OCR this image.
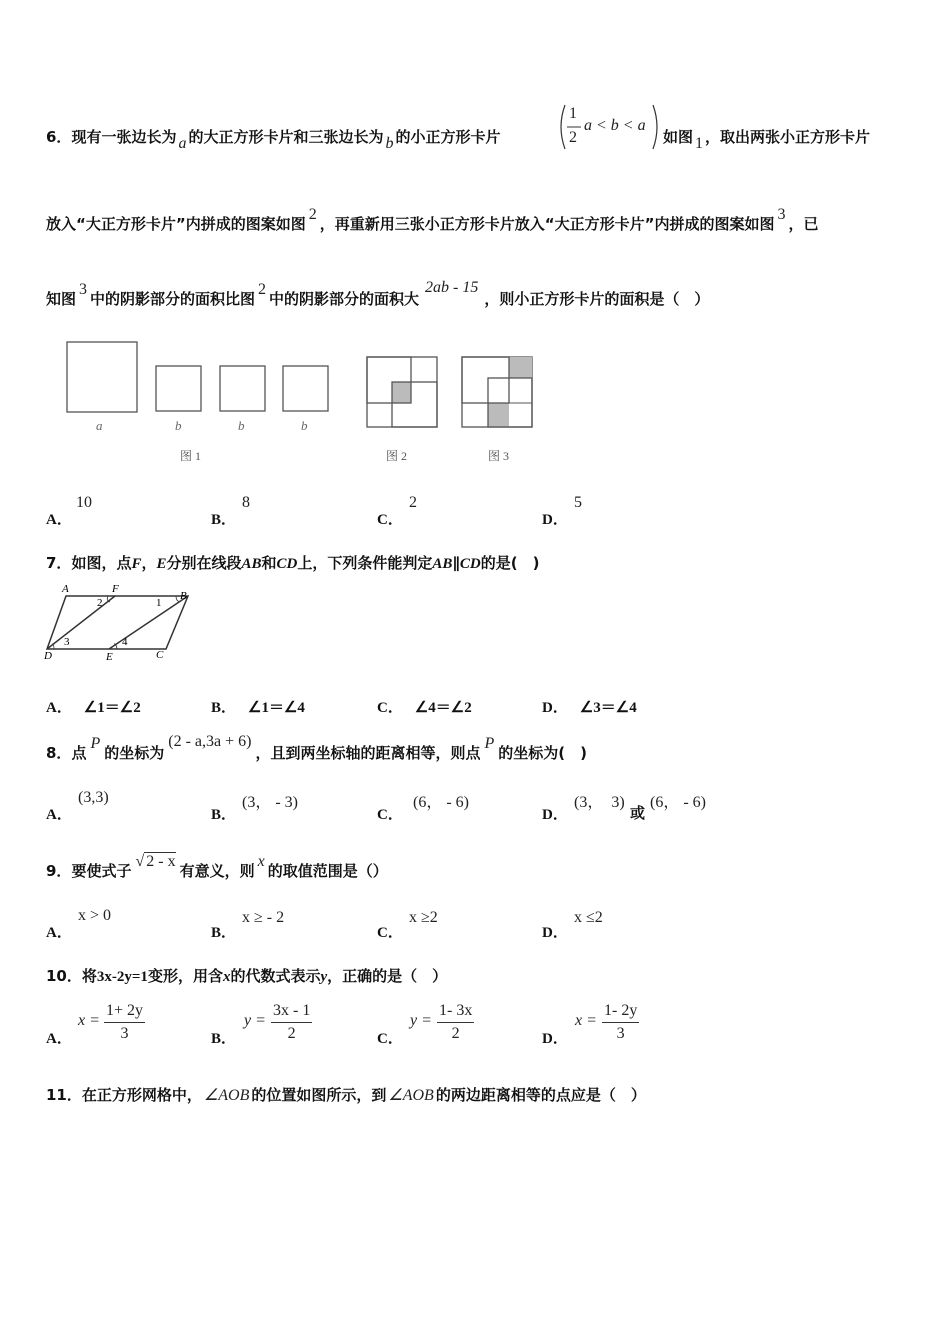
6．现有一张边长为 a 的大正方形卡片和三张边长为 b 的小正方形卡片
1
2
a < b < a
如图 1 ，取出两张小正方形卡片
放入“大正方形卡片”内拼成的图案如图2，再重新用三张小正方形卡片放入“大正方形卡片”内拼成的图案如图3，已
知图3中的阴影部分的面积比图2中的阴影部分的面积大2ab - 15，则小正方形卡片的面积是（　）
a	b	b	b
图 1	图 2	图 3
A．
10
B．
8
C．
2
D．
5
7．如图，点F，E分别在线段AB和CD上，下列条件能判定AB∥CD的是(　)
A	F
B
D	E	C
2	1
3	4
A． ∠1＝∠2	B． ∠1＝∠4	C． ∠4＝∠2	D． ∠3＝∠4
8．点P的坐标为(2 - a,3a + 6)，且到两坐标轴的距离相等，则点P的坐标为(　)
A．
(3,3)
B．
(3， - 3)
C．
(6， - 6)
D．
(3，　3)
或
(6， - 6)
9．要使式子√ 2 - x有意义，则x的取值范围是（）
A．
x > 0
B．
x ≥ - 2
C．
x ≥2
D．
x ≤2
10．将3x-2y=1变形，用含x的代数式表示y，正确的是（　）
A．
$x = \frac{1+ 2y}{3}$	B．
$y = \frac{3x - 1}{2}$	C．
$y = \frac{1- 3x}{2}$	D．
$x = \frac{1- 2y}{3}$
11．在正方形网格中， ∠AOB 的位置如图所示，到 ∠AOB 的两边距离相等的点应是（　）
